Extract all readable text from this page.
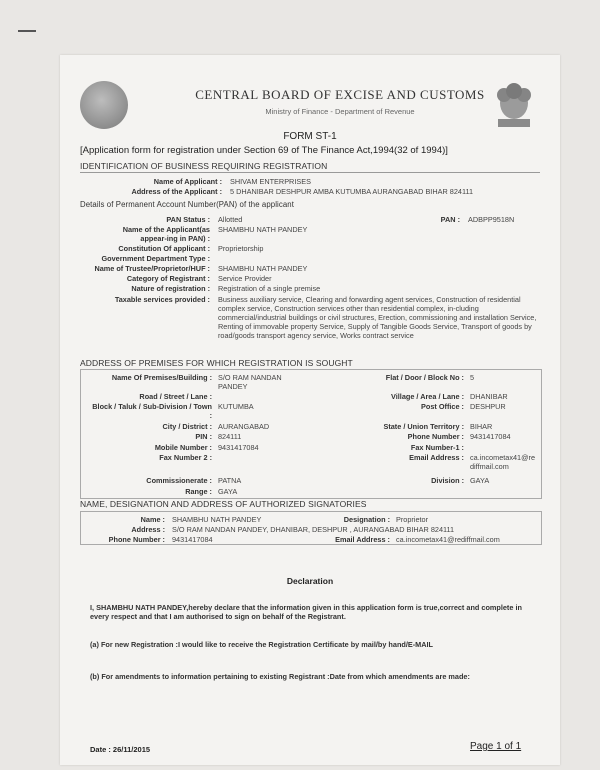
CENTRAL BOARD OF EXCISE AND CUSTOMS
Ministry of Finance - Department of Revenue
FORM ST-1
[Application form for registration under Section 69 of The Finance Act,1994(32 of 1994)]
IDENTIFICATION OF BUSINESS REQUIRING REGISTRATION
Name of Applicant : SHIVAM ENTERPRISES
Address of the Applicant : 5 DHANIBAR DESHPUR AMBA KUTUMBA AURANGABAD BIHAR 824111
Details of Permanent Account Number(PAN) of the applicant
PAN Status : Allotted	PAN : ADBPP9518N
Name of the Applicant(as appear-ing in PAN) :
SHAMBHU NATH PANDEY
Constitution Of applicant : Proprietorship
Government Department Type :
Name of Trustee/Proprietor/HUF : SHAMBHU NATH PANDEY
Category of Registrant : Service Provider
Nature of registration : Registration of a single premise
Taxable services provided : Business auxiliary service, Clearing and forwarding agent services, Construction of residential complex service, Construction services other than residential complex, in-cluding commercial/industrial buildings or civil structures, Erection, commissioning and installation Service, Renting of immovable property Service, Supply of Tangible Goods Service, Transport of goods by road/goods transport agency service, Works contract service
ADDRESS OF PREMISES FOR WHICH REGISTRATION IS SOUGHT
Name Of Premises/Building : S/O RAM NANDAN PANDEY
Flat / Door / Block No : 5
Road / Street / Lane :	Village / Area / Lane : DHANIBAR
Block / Taluk / Sub-Division / Town :
KUTUMBA	Post Office : DESHPUR
City / District : AURANGABAD	State / Union Territory : BIHAR
PIN : 824111	Phone Number : 9431417084
Mobile Number : 9431417084	Fax Number-1 :
Fax Number 2 :	Email Address : ca.incometax41@rediffmail.com
Commissionerate : PATNA	Division : GAYA
Range : GAYA
NAME, DESIGNATION AND ADDRESS OF AUTHORIZED SIGNATORIES
Name : SHAMBHU NATH PANDEY	Designation : Proprietor
Address : S/O RAM NANDAN PANDEY, DHANIBAR, DESHPUR , AURANGABAD BIHAR 824111
Phone Number : 9431417084	Email Address : ca.incometax41@rediffmail.com
Declaration
I, SHAMBHU NATH PANDEY,hereby declare that the information given in this application form is true,correct and complete in every respect and that I am authorised to sign on behalf of the Registrant.
(a) For new Registration :I would like to receive the Registration Certificate by mail/by hand/E-MAIL
(b) For amendments to information pertaining to existing Registrant :Date from which amendments are made:
Date : 26/11/2015	Page 1 of 1
